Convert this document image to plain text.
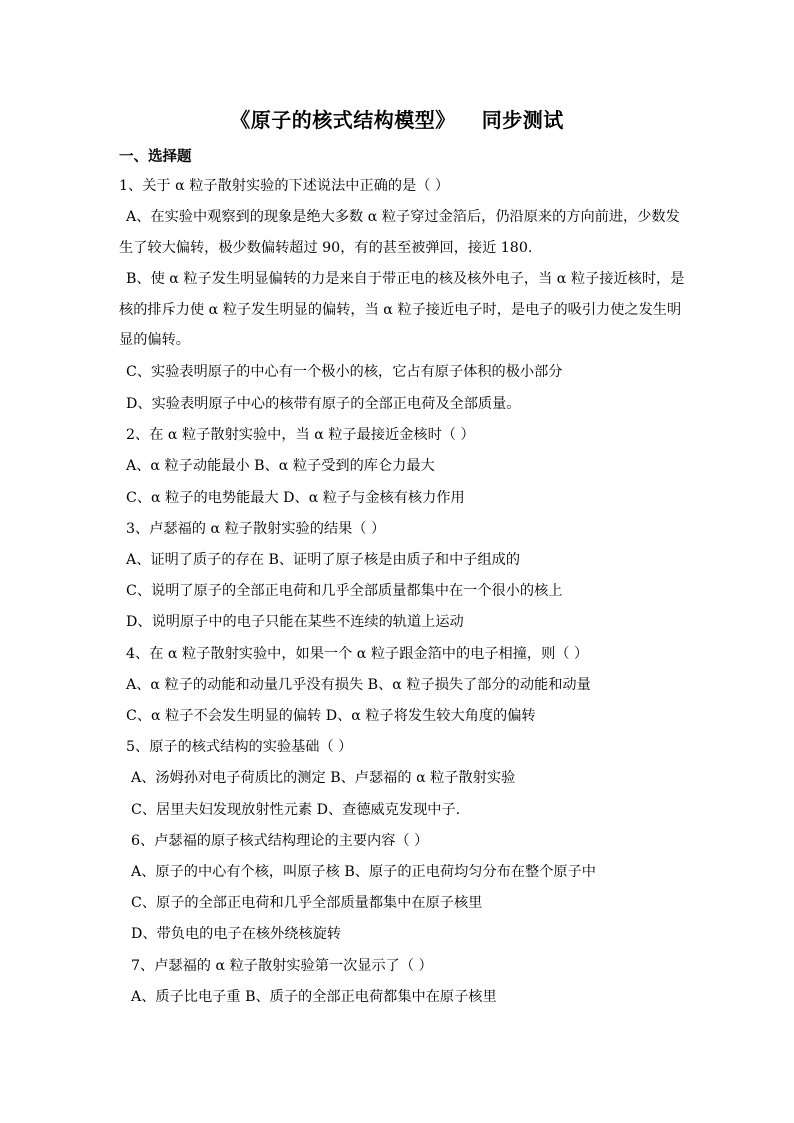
《原子的核式结构模型》 同步测试
一、选择题
1、关于 α 粒子散射实验的下述说法中正确的是（ ）
A、在实验中观察到的现象是绝大多数 α 粒子穿过金箔后，仍沿原来的方向前进，少数发
生了较大偏转，极少数偏转超过 90，有的甚至被弹回，接近 180.
B、使 α 粒子发生明显偏转的力是来自于带正电的核及核外电子，当 α 粒子接近核时，是
核的排斥力使 α 粒子发生明显的偏转，当 α 粒子接近电子时，是电子的吸引力使之发生明
显的偏转。
C、实验表明原子的中心有一个极小的核，它占有原子体积的极小部分
D、实验表明原子中心的核带有原子的全部正电荷及全部质量。
2、在 α 粒子散射实验中，当 α 粒子最接近金核时（ ）
A、α 粒子动能最小 B、α 粒子受到的库仑力最大
C、α 粒子的电势能最大 D、α 粒子与金核有核力作用
3、卢瑟福的 α 粒子散射实验的结果（ ）
A、证明了质子的存在 B、证明了原子核是由质子和中子组成的
C、说明了原子的全部正电荷和几乎全部质量都集中在一个很小的核上
D、说明原子中的电子只能在某些不连续的轨道上运动
4、在 α 粒子散射实验中，如果一个 α 粒子跟金箔中的电子相撞，则（ ）
A、α 粒子的动能和动量几乎没有损失 B、α 粒子损失了部分的动能和动量
C、α 粒子不会发生明显的偏转 D、α 粒子将发生较大角度的偏转
5、原子的核式结构的实验基础（ ）
A、汤姆孙对电子荷质比的测定 B、卢瑟福的 α 粒子散射实验
C、居里夫妇发现放射性元素 D、查德威克发现中子.
6、卢瑟福的原子核式结构理论的主要内容（ ）
A、原子的中心有个核，叫原子核 B、原子的正电荷均匀分布在整个原子中
C、原子的全部正电荷和几乎全部质量都集中在原子核里
D、带负电的电子在核外绕核旋转
7、卢瑟福的 α 粒子散射实验第一次显示了（ ）
A、质子比电子重 B、质子的全部正电荷都集中在原子核里
